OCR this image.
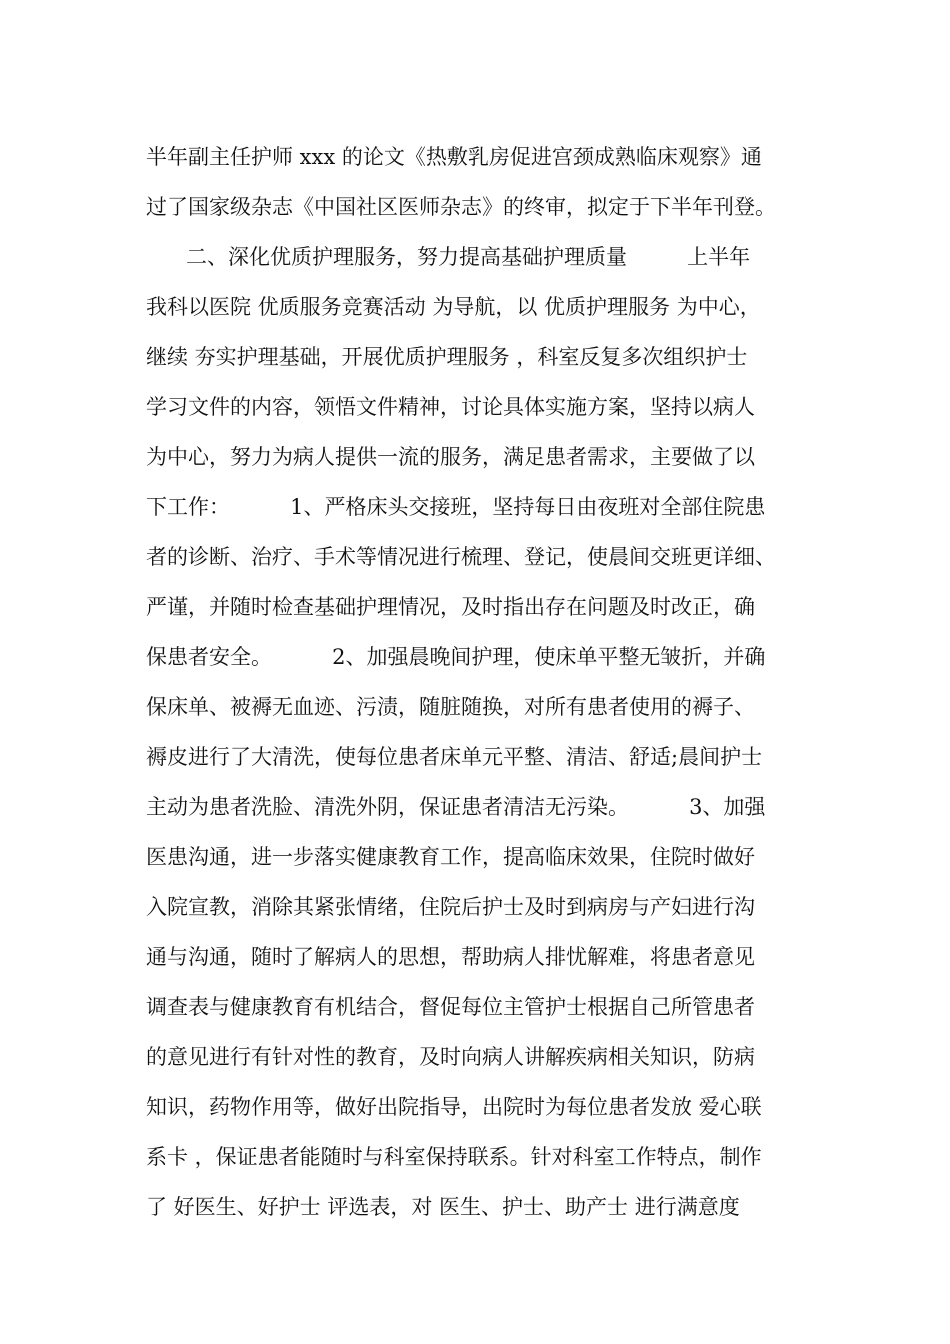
半年副主任护师 xxx 的论文《热敷乳房促进宫颈成熟临床观察》通
过了国家级杂志《中国社区医师杂志》的终审，拟定于下半年刊登。
二、深化优质护理服务，努力提高基础护理质量         上半年
我科以医院 优质服务竞赛活动 为导航，以 优质护理服务 为中心，
继续 夯实护理基础，开展优质护理服务 ，科室反复多次组织护士
学习文件的内容，领悟文件精神，讨论具体实施方案，坚持以病人
为中心，努力为病人提供一流的服务，满足患者需求，主要做了以
下工作：         1、严格床头交接班，坚持每日由夜班对全部住院患
者的诊断、治疗、手术等情况进行梳理、登记，使晨间交班更详细、
严谨，并随时检查基础护理情况，及时指出存在问题及时改正，确
保患者安全。         2、加强晨晚间护理，使床单平整无皱折，并确
保床单、被褥无血迹、污渍，随脏随换，对所有患者使用的褥子、
褥皮进行了大清洗，使每位患者床单元平整、清洁、舒适;晨间护士
主动为患者洗脸、清洗外阴，保证患者清洁无污染。         3、加强
医患沟通，进一步落实健康教育工作，提高临床效果，住院时做好
入院宣教，消除其紧张情绪，住院后护士及时到病房与产妇进行沟
通与沟通，随时了解病人的思想，帮助病人排忧解难，将患者意见
调查表与健康教育有机结合，督促每位主管护士根据自己所管患者
的意见进行有针对性的教育，及时向病人讲解疾病相关知识，防病
知识，药物作用等，做好出院指导，出院时为每位患者发放 爱心联
系卡 ，保证患者能随时与科室保持联系。针对科室工作特点，制作
了 好医生、好护士 评选表，对 医生、护士、助产士 进行满意度
